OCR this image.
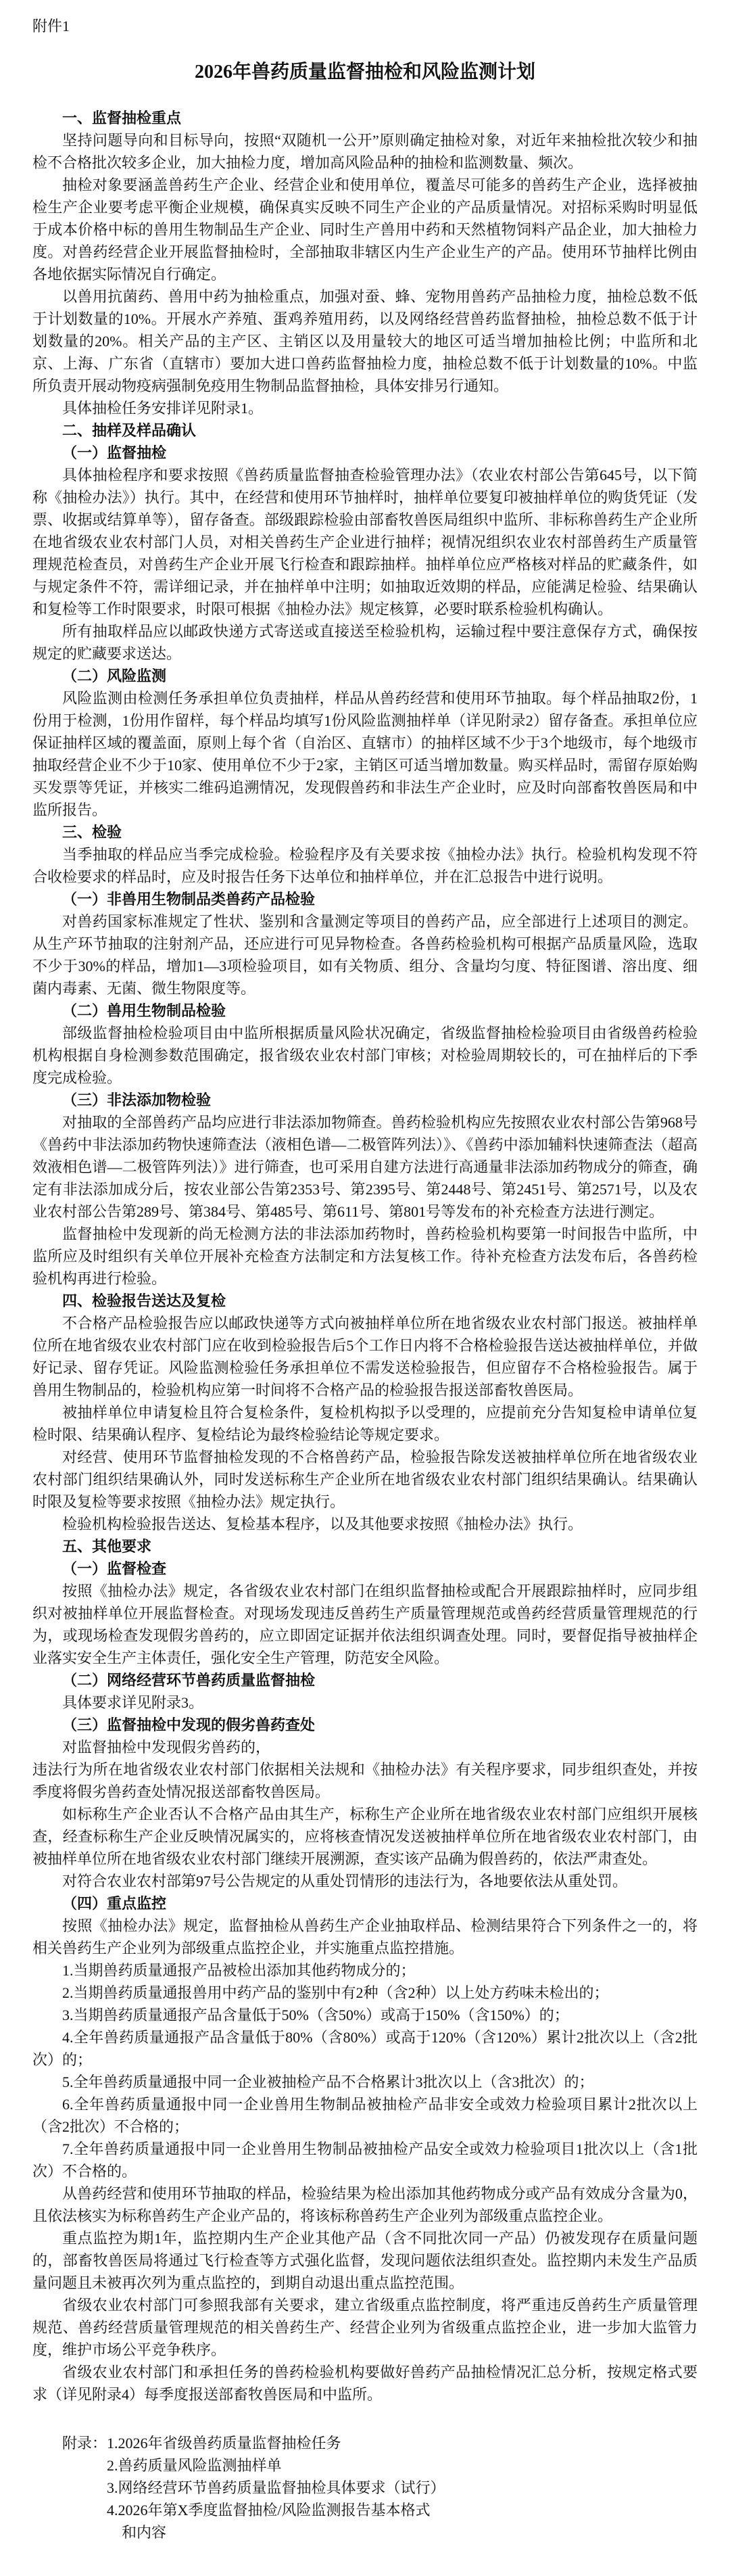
附件1
2026年兽药质量监督抽检和风险监测计划

一、监督抽检重点

坚持问题导向和目标导向，按照“双随机一公开”原则确定抽检对象，对近年来抽检批次较少和抽检不合格批次较多企业，加大抽检力度，增加高风险品种的抽检和监测数量、频次。

抽检对象要涵盖兽药生产企业、经营企业和使用单位，覆盖尽可能多的兽药生产企业，选择被抽检生产企业要考虑平衡企业规模，确保真实反映不同生产企业的产品质量情况。对招标采购时明显低于成本价格中标的兽用生物制品生产企业、同时生产兽用中药和天然植物饲料产品企业，加大抽检力度。对兽药经营企业开展监督抽检时，全部抽取非辖区内生产企业生产的产品。使用环节抽样比例由各地依据实际情况自行确定。

以兽用抗菌药、兽用中药为抽检重点，加强对蚕、蜂、宠物用兽药产品抽检力度，抽检总数不低于计划数量的10%。开展水产养殖、蛋鸡养殖用药，以及网络经营兽药监督抽检，抽检总数不低于计划数量的20%。相关产品的主产区、主销区以及用量较大的地区可适当增加抽检比例；中监所和北京、上海、广东省（直辖市）要加大进口兽药监督抽检力度，抽检总数不低于计划数量的10%。中监所负责开展动物疫病强制免疫用生物制品监督抽检，具体安排另行通知。

具体抽检任务安排详见附录1。

二、抽样及样品确认

（一）监督抽检

具体抽检程序和要求按照《兽药质量监督抽查检验管理办法》（农业农村部公告第645号，以下简称《抽检办法》）执行。其中，在经营和使用环节抽样时，抽样单位要复印被抽样单位的购货凭证（发票、收据或结算单等），留存备查。部级跟踪检验由部畜牧兽医局组织中监所、非标称兽药生产企业所在地省级农业农村部门人员，对相关兽药生产企业进行抽样；视情况组织农业农村部兽药生产质量管理规范检查员，对兽药生产企业开展飞行检查和跟踪抽样。抽样单位应严格核对样品的贮藏条件，如与规定条件不符，需详细记录，并在抽样单中注明；如抽取近效期的样品，应能满足检验、结果确认和复检等工作时限要求，时限可根据《抽检办法》规定核算，必要时联系检验机构确认。

所有抽取样品应以邮政快递方式寄送或直接送至检验机构，运输过程中要注意保存方式，确保按规定的贮藏要求送达。

（二）风险监测

风险监测由检测任务承担单位负责抽样，样品从兽药经营和使用环节抽取。每个样品抽取2份，1份用于检测，1份用作留样，每个样品均填写1份风险监测抽样单（详见附录2）留存备查。承担单位应保证抽样区域的覆盖面，原则上每个省（自治区、直辖市）的抽样区域不少于3个地级市，每个地级市抽取经营企业不少于10家、使用单位不少于2家，主销区可适当增加数量。购买样品时，需留存原始购买发票等凭证，并核实二维码追溯情况，发现假兽药和非法生产企业时，应及时向部畜牧兽医局和中监所报告。

三、检验

当季抽取的样品应当季完成检验。检验程序及有关要求按《抽检办法》执行。检验机构发现不符合收检要求的样品时，应及时报告任务下达单位和抽样单位，并在汇总报告中进行说明。

（一）非兽用生物制品类兽药产品检验

对兽药国家标准规定了性状、鉴别和含量测定等项目的兽药产品，应全部进行上述项目的测定。从生产环节抽取的注射剂产品，还应进行可见异物检查。各兽药检验机构可根据产品质量风险，选取不少于30%的样品，增加1—3项检验项目，如有关物质、组分、含量均匀度、特征图谱、溶出度、细菌内毒素、无菌、微生物限度等。

（二）兽用生物制品检验

部级监督抽检检验项目由中监所根据质量风险状况确定，省级监督抽检检验项目由省级兽药检验机构根据自身检测参数范围确定，报省级农业农村部门审核；对检验周期较长的，可在抽样后的下季度完成检验。

（三）非法添加物检验

对抽取的全部兽药产品均应进行非法添加物筛查。兽药检验机构应先按照农业农村部公告第968号《兽药中非法添加药物快速筛查法（液相色谱—二极管阵列法）》、《兽药中添加辅料快速筛查法（超高效液相色谱—二极管阵列法）》进行筛查，也可采用自建方法进行高通量非法添加药物成分的筛查，确定有非法添加成分后，按农业部公告第2353号、第2395号、第2448号、第2451号、第2571号，以及农业农村部公告第289号、第384号、第485号、第611号、第801号等发布的补充检查方法进行测定。

监督抽检中发现新的尚无检测方法的非法添加药物时，兽药检验机构要第一时间报告中监所，中监所应及时组织有关单位开展补充检查方法制定和方法复核工作。待补充检查方法发布后，各兽药检验机构再进行检验。

四、检验报告送达及复检

不合格产品检验报告应以邮政快递等方式向被抽样单位所在地省级农业农村部门报送。被抽样单位所在地省级农业农村部门应在收到检验报告后5个工作日内将不合格检验报告送达被抽样单位，并做好记录、留存凭证。风险监测检验任务承担单位不需发送检验报告，但应留存不合格检验报告。属于兽用生物制品的，检验机构应第一时间将不合格产品的检验报告报送部畜牧兽医局。

被抽样单位申请复检且符合复检条件，复检机构拟予以受理的，应提前充分告知复检申请单位复检时限、结果确认程序、复检结论为最终检验结论等规定要求。

对经营、使用环节监督抽检发现的不合格兽药产品，检验报告除发送被抽样单位所在地省级农业农村部门组织结果确认外，同时发送标称生产企业所在地省级农业农村部门组织结果确认。结果确认时限及复检等要求按照《抽检办法》规定执行。

检验机构检验报告送达、复检基本程序，以及其他要求按照《抽检办法》执行。

五、其他要求

（一）监督检查

按照《抽检办法》规定，各省级农业农村部门在组织监督抽检或配合开展跟踪抽样时，应同步组织对被抽样单位开展监督检查。对现场发现违反兽药生产质量管理规范或兽药经营质量管理规范的行为，或现场检查发现假劣兽药的，应立即固定证据并依法组织调查处理。同时，要督促指导被抽样企业落实安全生产主体责任，强化安全生产管理，防范安全风险。

（二）网络经营环节兽药质量监督抽检

具体要求详见附录3。

（三）监督抽检中发现的假劣兽药查处

对监督抽检中发现假劣兽药的，

违法行为所在地省级农业农村部门依据相关法规和《抽检办法》有关程序要求，同步组织查处，并按季度将假劣兽药查处情况报送部畜牧兽医局。

如标称生产企业否认不合格产品由其生产，标称生产企业所在地省级农业农村部门应组织开展核查，经查标称生产企业反映情况属实的，应将核查情况发送被抽样单位所在地省级农业农村部门，由被抽样单位所在地省级农业农村部门继续开展溯源，查实该产品确为假兽药的，依法严肃查处。

对符合农业农村部第97号公告规定的从重处罚情形的违法行为，各地要依法从重处罚。

（四）重点监控

按照《抽检办法》规定，监督抽检从兽药生产企业抽取样品、检测结果符合下列条件之一的，将相关兽药生产企业列为部级重点监控企业，并实施重点监控措施。

1.当期兽药质量通报产品被检出添加其他药物成分的；

2.当期兽药质量通报兽用中药产品的鉴别中有2种（含2种）以上处方药味未检出的；

3.当期兽药质量通报产品含量低于50%（含50%）或高于150%（含150%）的；

4.全年兽药质量通报产品含量低于80%（含80%）或高于120%（含120%）累计2批次以上（含2批次）的；

5.全年兽药质量通报中同一企业被抽检产品不合格累计3批次以上（含3批次）的；

6.全年兽药质量通报中同一企业兽用生物制品被抽检产品非安全或效力检验项目累计2批次以上（含2批次）不合格的；

7.全年兽药质量通报中同一企业兽用生物制品被抽检产品安全或效力检验项目1批次以上（含1批次）不合格的。

从兽药经营和使用环节抽取的样品，检验结果为检出添加其他药物成分或产品有效成分含量为0，且依法核实为标称兽药生产企业产品的，将该标称兽药生产企业列为部级重点监控企业。

重点监控为期1年，监控期内生产企业其他产品（含不同批次同一产品）仍被发现存在质量问题的，部畜牧兽医局将通过飞行检查等方式强化监督，发现问题依法组织查处。监控期内未发生产品质量问题且未被再次列为重点监控的，到期自动退出重点监控范围。

省级农业农村部门可参照我部有关要求，建立省级重点监控制度，将严重违反兽药生产质量管理规范、兽药经营质量管理规范的相关兽药生产、经营企业列为省级重点监控企业，进一步加大监管力度，维护市场公平竞争秩序。

省级农业农村部门和承担任务的兽药检验机构要做好兽药产品抽检情况汇总分析，按规定格式要求（详见附录4）每季度报送部畜牧兽医局和中监所。

附录：1.2026年省级兽药质量监督抽检任务

2.兽药质量风险监测抽样单

3.网络经营环节兽药质量监督抽检具体要求（试行）

4.2026年第X季度监督抽检/风险监测报告基本格式

和内容
